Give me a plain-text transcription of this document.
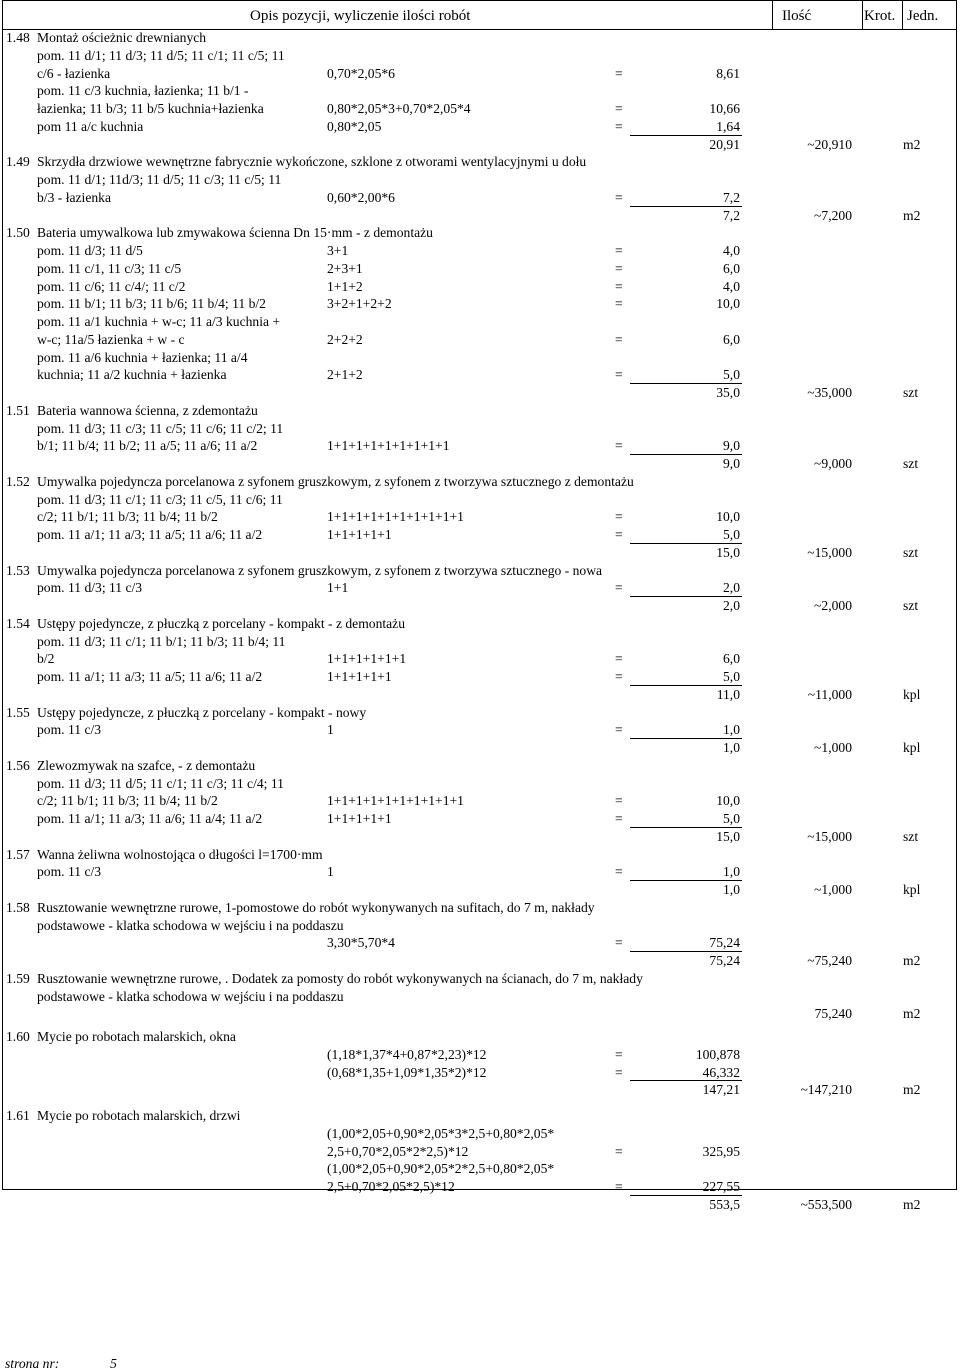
Opis pozycji, wyliczenie ilości robót	Ilość	Krot. Jedn.
1.48 Montaż ościeżnic drewnianych
pom. 11 d/1; 11 d/3; 11 d/5; 11 c/1; 11 c/5; 11
c/6 - łazienka	0,70*2,05*6	=	8,61
pom. 11 c/3 kuchnia, łazienka; 11 b/1 -
łazienka; 11 b/3; 11 b/5 kuchnia+łazienka	0,80*2,05*3+0,70*2,05*4	=	10,66
pom 11 a/c kuchnia	0,80*2,05	=	1,64
20,91	~20,910	m2
1.49 Skrzydła drzwiowe wewnętrzne fabrycznie wykończone, szklone z otworami wentylacyjnymi u dołu
pom. 11 d/1; 11d/3; 11 d/5; 11 c/3; 11 c/5; 11
b/3 - łazienka	0,60*2,00*6	=	7,2
7,2	~7,200	m2
1.50 Bateria umywalkowa lub zmywakowa ścienna Dn 15·mm - z demontażu
pom. 11 d/3; 11 d/5	3+1	=	4,0
pom. 11 c/1, 11 c/3; 11 c/5	2+3+1	=	6,0
pom. 11 c/6; 11 c/4/; 11 c/2	1+1+2	=	4,0
pom. 11 b/1; 11 b/3; 11 b/6; 11 b/4; 11 b/2	3+2+1+2+2	=	10,0
pom. 11 a/1 kuchnia + w-c; 11 a/3 kuchnia +
w-c; 11a/5 łazienka + w - c	2+2+2	=	6,0
pom. 11 a/6 kuchnia + łazienka; 11 a/4
kuchnia; 11 a/2 kuchnia + łazienka	2+1+2	=	5,0
35,0	~35,000	szt
1.51 Bateria wannowa ścienna, z zdemontażu
pom. 11 d/3; 11 c/3; 11 c/5; 11 c/6; 11 c/2; 11
b/1; 11 b/4; 11 b/2; 11 a/5; 11 a/6; 11 a/2	1+1+1+1+1+1+1+1+1	=	9,0
9,0	~9,000	szt
1.52 Umywalka pojedyncza porcelanowa z syfonem gruszkowym, z syfonem z tworzywa sztucznego z demontażu
pom. 11 d/3; 11 c/1; 11 c/3; 11 c/5, 11 c/6; 11
c/2; 11 b/1; 11 b/3; 11 b/4; 11 b/2	1+1+1+1+1+1+1+1+1+1	=	10,0
pom. 11 a/1; 11 a/3; 11 a/5; 11 a/6; 11 a/2	1+1+1+1+1	=	5,0
15,0	~15,000	szt
1.53 Umywalka pojedyncza porcelanowa z syfonem gruszkowym, z syfonem z tworzywa sztucznego - nowa
pom. 11 d/3; 11 c/3	1+1	=	2,0
2,0	~2,000	szt
1.54 Ustępy pojedyncze, z płuczką z porcelany - kompakt - z demontażu
pom. 11 d/3; 11 c/1; 11 b/1; 11 b/3; 11 b/4; 11
b/2	1+1+1+1+1+1	=	6,0
pom. 11 a/1; 11 a/3; 11 a/5; 11 a/6; 11 a/2	1+1+1+1+1	=	5,0
11,0	~11,000	kpl
1.55 Ustępy pojedyncze, z płuczką z porcelany - kompakt - nowy
pom. 11 c/3	1	=	1,0
1,0	~1,000	kpl
1.56 Zlewozmywak na szafce, - z demontażu
pom. 11 d/3; 11 d/5; 11 c/1; 11 c/3; 11 c/4; 11
c/2; 11 b/1; 11 b/3; 11 b/4; 11 b/2	1+1+1+1+1+1+1+1+1+1	=	10,0
pom. 11 a/1; 11 a/3; 11 a/6; 11 a/4; 11 a/2	1+1+1+1+1	=	5,0
15,0	~15,000	szt
1.57 Wanna żeliwna wolnostojąca o długości l=1700·mm
pom. 11 c/3	1	=	1,0
1,0	~1,000	kpl
1.58 Rusztowanie wewnętrzne rurowe, 1-pomostowe do robót wykonywanych na sufitach, do 7 m, nakłady
podstawowe - klatka schodowa w wejściu i na poddaszu
3,30*5,70*4	=	75,24
75,24	~75,240	m2
1.59 Rusztowanie wewnętrzne rurowe, . Dodatek za pomosty do robót wykonywanych na ścianach, do 7 m, nakłady
podstawowe - klatka schodowa w wejściu i na poddaszu
75,240	m2
1.60 Mycie po robotach malarskich, okna
(1,18*1,37*4+0,87*2,23)*12	=	100,878
(0,68*1,35+1,09*1,35*2)*12	=	46,332
147,21	~147,210	m2
1.61 Mycie po robotach malarskich, drzwi
(1,00*2,05+0,90*2,05*3*2,5+0,80*2,05*
2,5+0,70*2,05*2*2,5)*12	=	325,95
(1,00*2,05+0,90*2,05*2*2,5+0,80*2,05*
2,5+0,70*2,05*2,5)*12	=	227,55
553,5	~553,500	m2
strona nr:	5
